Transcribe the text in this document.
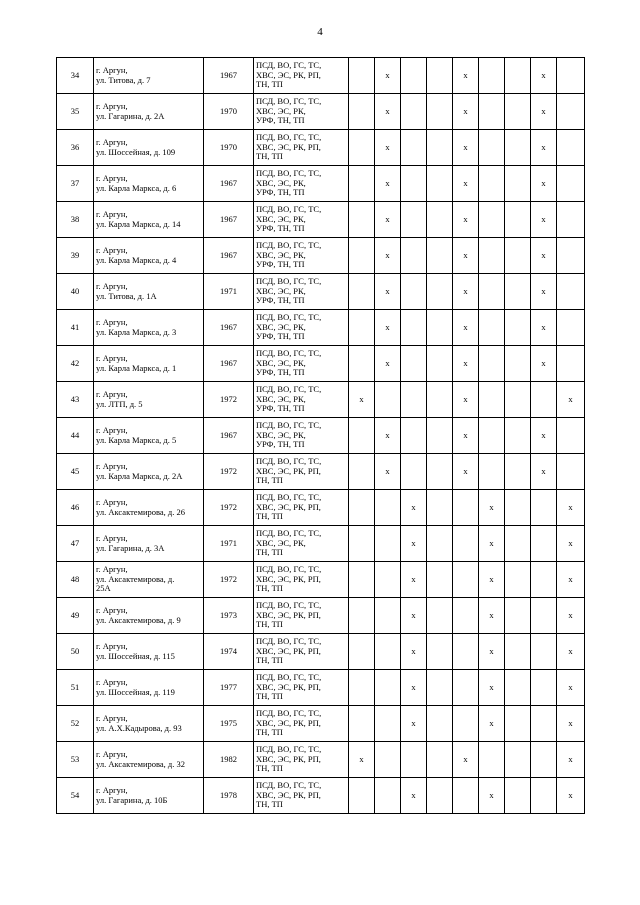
4
34	г. Аргун,
ул. Титова, д. 7	1967	ПСД, ВО, ГС, ТС,
ХВС, ЭС, РК, РП,
ТН, ТП		х			х			х	
35	г. Аргун,
ул. Гагарина, д. 2А	1970	ПСД, ВО, ГС, ТС,
ХВС, ЭС, РК,
УРФ, ТН, ТП		х			х			х	
36	г. Аргун,
ул. Шоссейная, д. 109	1970	ПСД, ВО, ГС, ТС,
ХВС, ЭС, РК, РП,
ТН, ТП		х			х			х	
37	г. Аргун,
ул. Карла Маркса, д. 6	1967	ПСД, ВО, ГС, ТС,
ХВС, ЭС, РК,
УРФ, ТН, ТП		х			х			х	
38	г. Аргун,
ул. Карла Маркса, д. 14	1967	ПСД, ВО, ГС, ТС,
ХВС, ЭС, РК,
УРФ, ТН, ТП		х			х			х	
39	г. Аргун,
ул. Карла Маркса, д. 4	1967	ПСД, ВО, ГС, ТС,
ХВС, ЭС, РК,
УРФ, ТН, ТП		х			х			х	
40	г. Аргун,
ул. Титова, д. 1А	1971	ПСД, ВО, ГС, ТС,
ХВС, ЭС, РК,
УРФ, ТН, ТП		х			х			х	
41	г. Аргун,
ул. Карла Маркса, д. 3	1967	ПСД, ВО, ГС, ТС,
ХВС, ЭС, РК,
УРФ, ТН, ТП		х			х			х	
42	г. Аргун,
ул. Карла Маркса, д. 1	1967	ПСД, ВО, ГС, ТС,
ХВС, ЭС, РК,
УРФ, ТН, ТП		х			х			х	
43	г. Аргун,
ул. ЛТП, д. 5	1972	ПСД, ВО, ГС, ТС,
ХВС, ЭС, РК,
УРФ, ТН, ТП	х				х				х
44	г. Аргун,
ул. Карла Маркса, д. 5	1967	ПСД, ВО, ГС, ТС,
ХВС, ЭС, РК,
УРФ, ТН, ТП		х			х			х	
45	г. Аргун,
ул. Карла Маркса, д. 2А	1972	ПСД, ВО, ГС, ТС,
ХВС, ЭС, РК, РП,
ТН, ТП		х			х			х	
46	г. Аргун,
ул. Аксактемирова, д. 26	1972	ПСД, ВО, ГС, ТС,
ХВС, ЭС, РК, РП,
ТН, ТП			х			х			х
47	г. Аргун,
ул. Гагарина, д. 3А	1971	ПСД, ВО, ГС, ТС,
ХВС, ЭС, РК,
ТН, ТП			х			х			х
48	г. Аргун,
ул. Аксактемирова, д.
25А	1972	ПСД, ВО, ГС, ТС,
ХВС, ЭС, РК, РП,
ТН, ТП			х			х			х
49	г. Аргун,
ул. Аксактемирова, д. 9	1973	ПСД, ВО, ГС, ТС,
ХВС, ЭС, РК, РП,
ТН, ТП			х			х			х
50	г. Аргун,
ул. Шоссейная, д. 115	1974	ПСД, ВО, ГС, ТС,
ХВС, ЭС, РК, РП,
ТН, ТП			х			х			х
51	г. Аргун,
ул. Шоссейная, д. 119	1977	ПСД, ВО, ГС, ТС,
ХВС, ЭС, РК, РП,
ТН, ТП			х			х			х
52	г. Аргун,
ул. А.Х.Кадырова, д. 93	1975	ПСД, ВО, ГС, ТС,
ХВС, ЭС, РК, РП,
ТН, ТП			х			х			х
53	г. Аргун,
ул. Аксактемирова, д. 32	1982	ПСД, ВО, ГС, ТС,
ХВС, ЭС, РК, РП,
ТН, ТП	х				х				х
54	г. Аргун,
ул. Гагарина, д. 10Б	1978	ПСД, ВО, ГС, ТС,
ХВС, ЭС, РК, РП,
ТН, ТП			х			х			х
